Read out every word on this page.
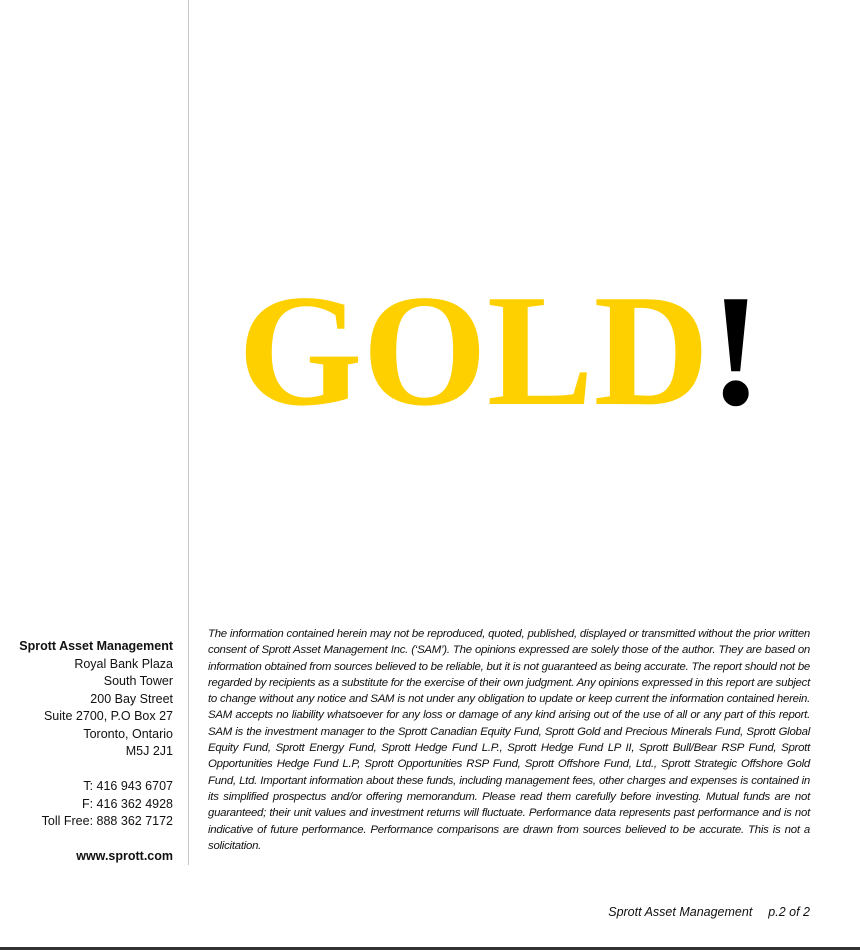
GOLD!
Sprott Asset Management
Royal Bank Plaza
South Tower
200 Bay Street
Suite 2700, P.O Box 27
Toronto, Ontario
M5J 2J1
T: 416 943 6707
F: 416 362 4928
Toll Free: 888 362 7172
www.sprott.com
The information contained herein may not be reproduced, quoted, published, displayed or transmitted without the prior written consent of Sprott Asset Management Inc. (‘SAM’). The opinions expressed are solely those of the author. They are based on information obtained from sources believed to be reliable, but it is not guaranteed as being accurate. The report should not be regarded by recipients as a substitute for the exercise of their own judgment. Any opinions expressed in this report are subject to change without any notice and SAM is not under any obligation to update or keep current the information contained herein. SAM accepts no liability whatsoever for any loss or damage of any kind arising out of the use of all or any part of this report. SAM is the investment manager to the Sprott Canadian Equity Fund, Sprott Gold and Precious Minerals Fund, Sprott Global Equity Fund, Sprott Energy Fund, Sprott Hedge Fund L.P., Sprott Hedge Fund LP II, Sprott Bull/Bear RSP Fund, Sprott Opportunities Hedge Fund L.P, Sprott Opportunities RSP Fund, Sprott Offshore Fund, Ltd., Sprott Strategic Offshore Gold Fund, Ltd. Important information about these funds, including management fees, other charges and expenses is contained in its simplified prospectus and/or offering memorandum. Please read them carefully before investing. Mutual funds are not guaranteed; their unit values and investment returns will fluctuate. Performance data represents past performance and is not indicative of future performance. Performance comparisons are drawn from sources believed to be accurate. This is not a solicitation.
Sprott Asset Management p.2 of 2
